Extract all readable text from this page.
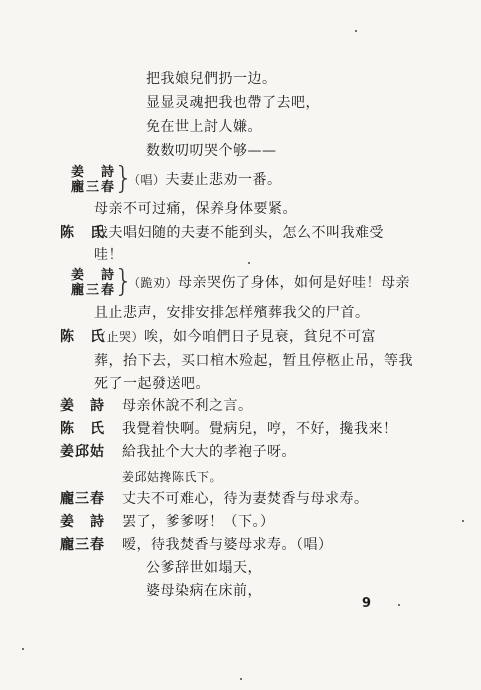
把我娘兒們扔一边。
显显灵魂把我也帶了去吧，
免在世上討人嫌。
数数叨叨哭个够——
姜　詩
龐三春
}
（唱）夫妻止悲劝一番。
母亲不可过痛，保养身体要紧。
陈　氏
我夫唱妇随的夫妻不能到头，怎么不叫我难受
哇！
姜　詩
龐三春
}
（跪劝）母亲哭伤了身体，如何是好哇！母亲
且止悲声，安排安排怎样殯葬我父的尸首。
陈　氏
（止哭）唉，如今咱們日子見衰，貧兒不可富
葬，抬下去，买口棺木殓起，暂且停柩止吊，等我
死了一起發送吧。
姜　詩 母亲休說不利之言。
陈　氏 我覺着快啊。覺病兒，哼，不好，攙我来！
姜邱姑 給我扯个大大的孝袍子呀。
姜邱姑搀陈氏下。
龐三春 丈夫不可难心，待为妻焚香与母求寿。
姜　詩 罢了，爹爹呀！（下。）
龐三春 嗳，待我焚香与婆母求寿。（唱）
公爹辞世如塌天，
婆母染病在床前，
9
